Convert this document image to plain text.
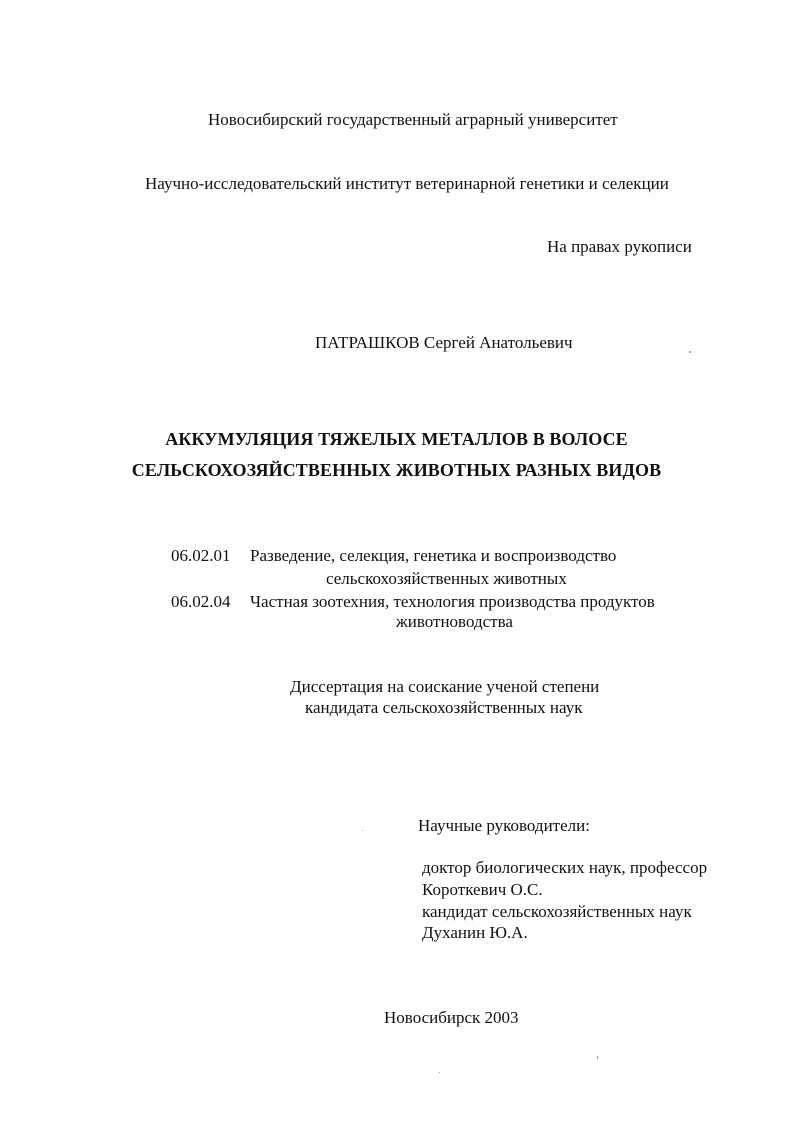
Новосибирский государственный аграрный университет
Научно-исследовательский институт ветеринарной генетики и селекции
На правах рукописи
ПАТРАШКОВ Сергей Анатольевич
АККУМУЛЯЦИЯ ТЯЖЕЛЫХ МЕТАЛЛОВ В ВОЛОСЕ
СЕЛЬСКОХОЗЯЙСТВЕННЫХ ЖИВОТНЫХ РАЗНЫХ ВИДОВ
06.02.01 Разведение, селекция, генетика и воспроизводство
сельскохозяйственных животных
06.02.04 Частная зоотехния, технология производства продуктов
животноводства
Диссертация на соискание ученой степени
кандидата сельскохозяйственных наук
Научные руководители:
доктор биологических наук, профессор
Короткевич О.С.
кандидат сельскохозяйственных наук
Духанин Ю.А.
Новосибирск 2003
